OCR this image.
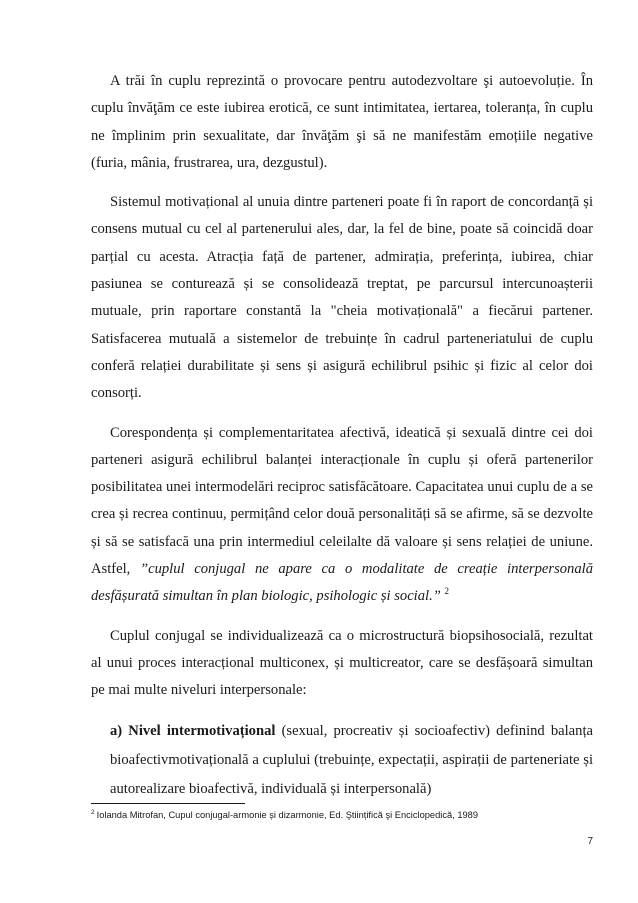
A trăi în cuplu reprezintă o provocare pentru autodezvoltare şi autoevoluție. În cuplu învăţăm ce este iubirea erotică, ce sunt intimitatea, iertarea, toleranța, în cuplu ne împlinim prin sexualitate, dar învăţăm şi să ne manifestăm emoțiile negative (furia, mânia, frustrarea, ura, dezgustul).

Sistemul motivațional al unuia dintre parteneri poate fi în raport de concordanță și consens mutual cu cel al partenerului ales, dar, la fel de bine, poate să coincidă doar parțial cu acesta. Atracția față de partener, admirația, preferința, iubirea, chiar pasiunea se conturează și se consolidează treptat, pe parcursul intercunoașterii mutuale, prin raportare constantă la "cheia motivațională" a fiecărui partener. Satisfacerea mutuală a sistemelor de trebuințe în cadrul parteneriatului de cuplu conferă relației durabilitate și sens și asigură echilibrul psihic și fizic al celor doi consorți.

Corespondența și complementaritatea afectivă, ideatică și sexuală dintre cei doi parteneri asigură echilibrul balanței interacționale în cuplu și oferă partenerilor posibilitatea unei intermodelări reciproc satisfăcătoare. Capacitatea unui cuplu de a se crea și recrea continuu, permițând celor două personalități să se afirme, să se dezvolte și să se satisfacă una prin intermediul celeilalte dă valoare și sens relației de uniune. Astfel, ”cuplul conjugal ne apare ca o modalitate de creație interpersonală desfășurată simultan în plan biologic, psihologic și social.” $^2$

Cuplul conjugal se individualizează ca o microstructură biopsihosocială, rezultat al unui proces interacțional multiconex, și multicreator, care se desfășoară simultan pe mai multe niveluri interpersonale:

a) Nivel intermotivațional (sexual, procreativ și socioafectiv) definind balanța bioafectivmotivațională a cuplului (trebuințe, expectații, aspirații de parteneriate și autorealizare bioafectivă, individuală și interpersonală)
$^2$ Iolanda Mitrofan, Cupul conjugal-armonie și dizarmonie, Ed. Ştiințifică şi Enciclopedică, 1989
7
